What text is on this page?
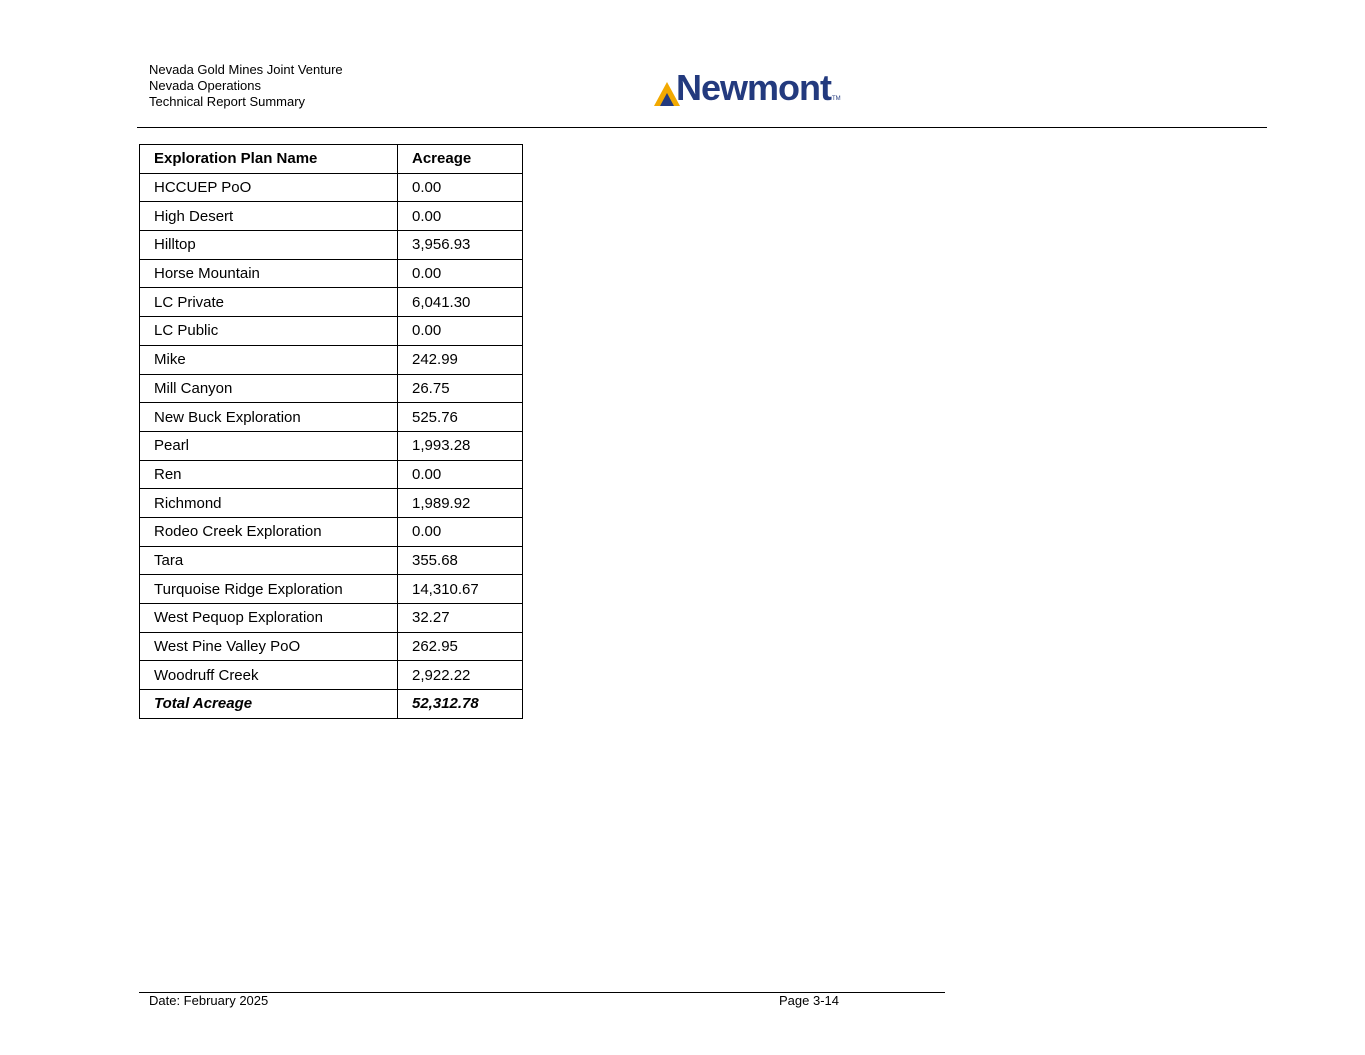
Nevada Gold Mines Joint Venture
Nevada Operations
Technical Report Summary	Newmont TM
Exploration Plan Name	Acreage
HCCUEP PoO	0.00
High Desert	0.00
Hilltop	3,956.93
Horse Mountain	0.00
LC Private	6,041.30
LC Public	0.00
Mike	242.99
Mill Canyon	26.75
New Buck Exploration	525.76
Pearl	1,993.28
Ren	0.00
Richmond	1,989.92
Rodeo Creek Exploration	0.00
Tara	355.68
Turquoise Ridge Exploration	14,310.67
West Pequop Exploration	32.27
West Pine Valley PoO	262.95
Woodruff Creek	2,922.22
Total Acreage	52,312.78
Date: February 2025	Page 3-14
